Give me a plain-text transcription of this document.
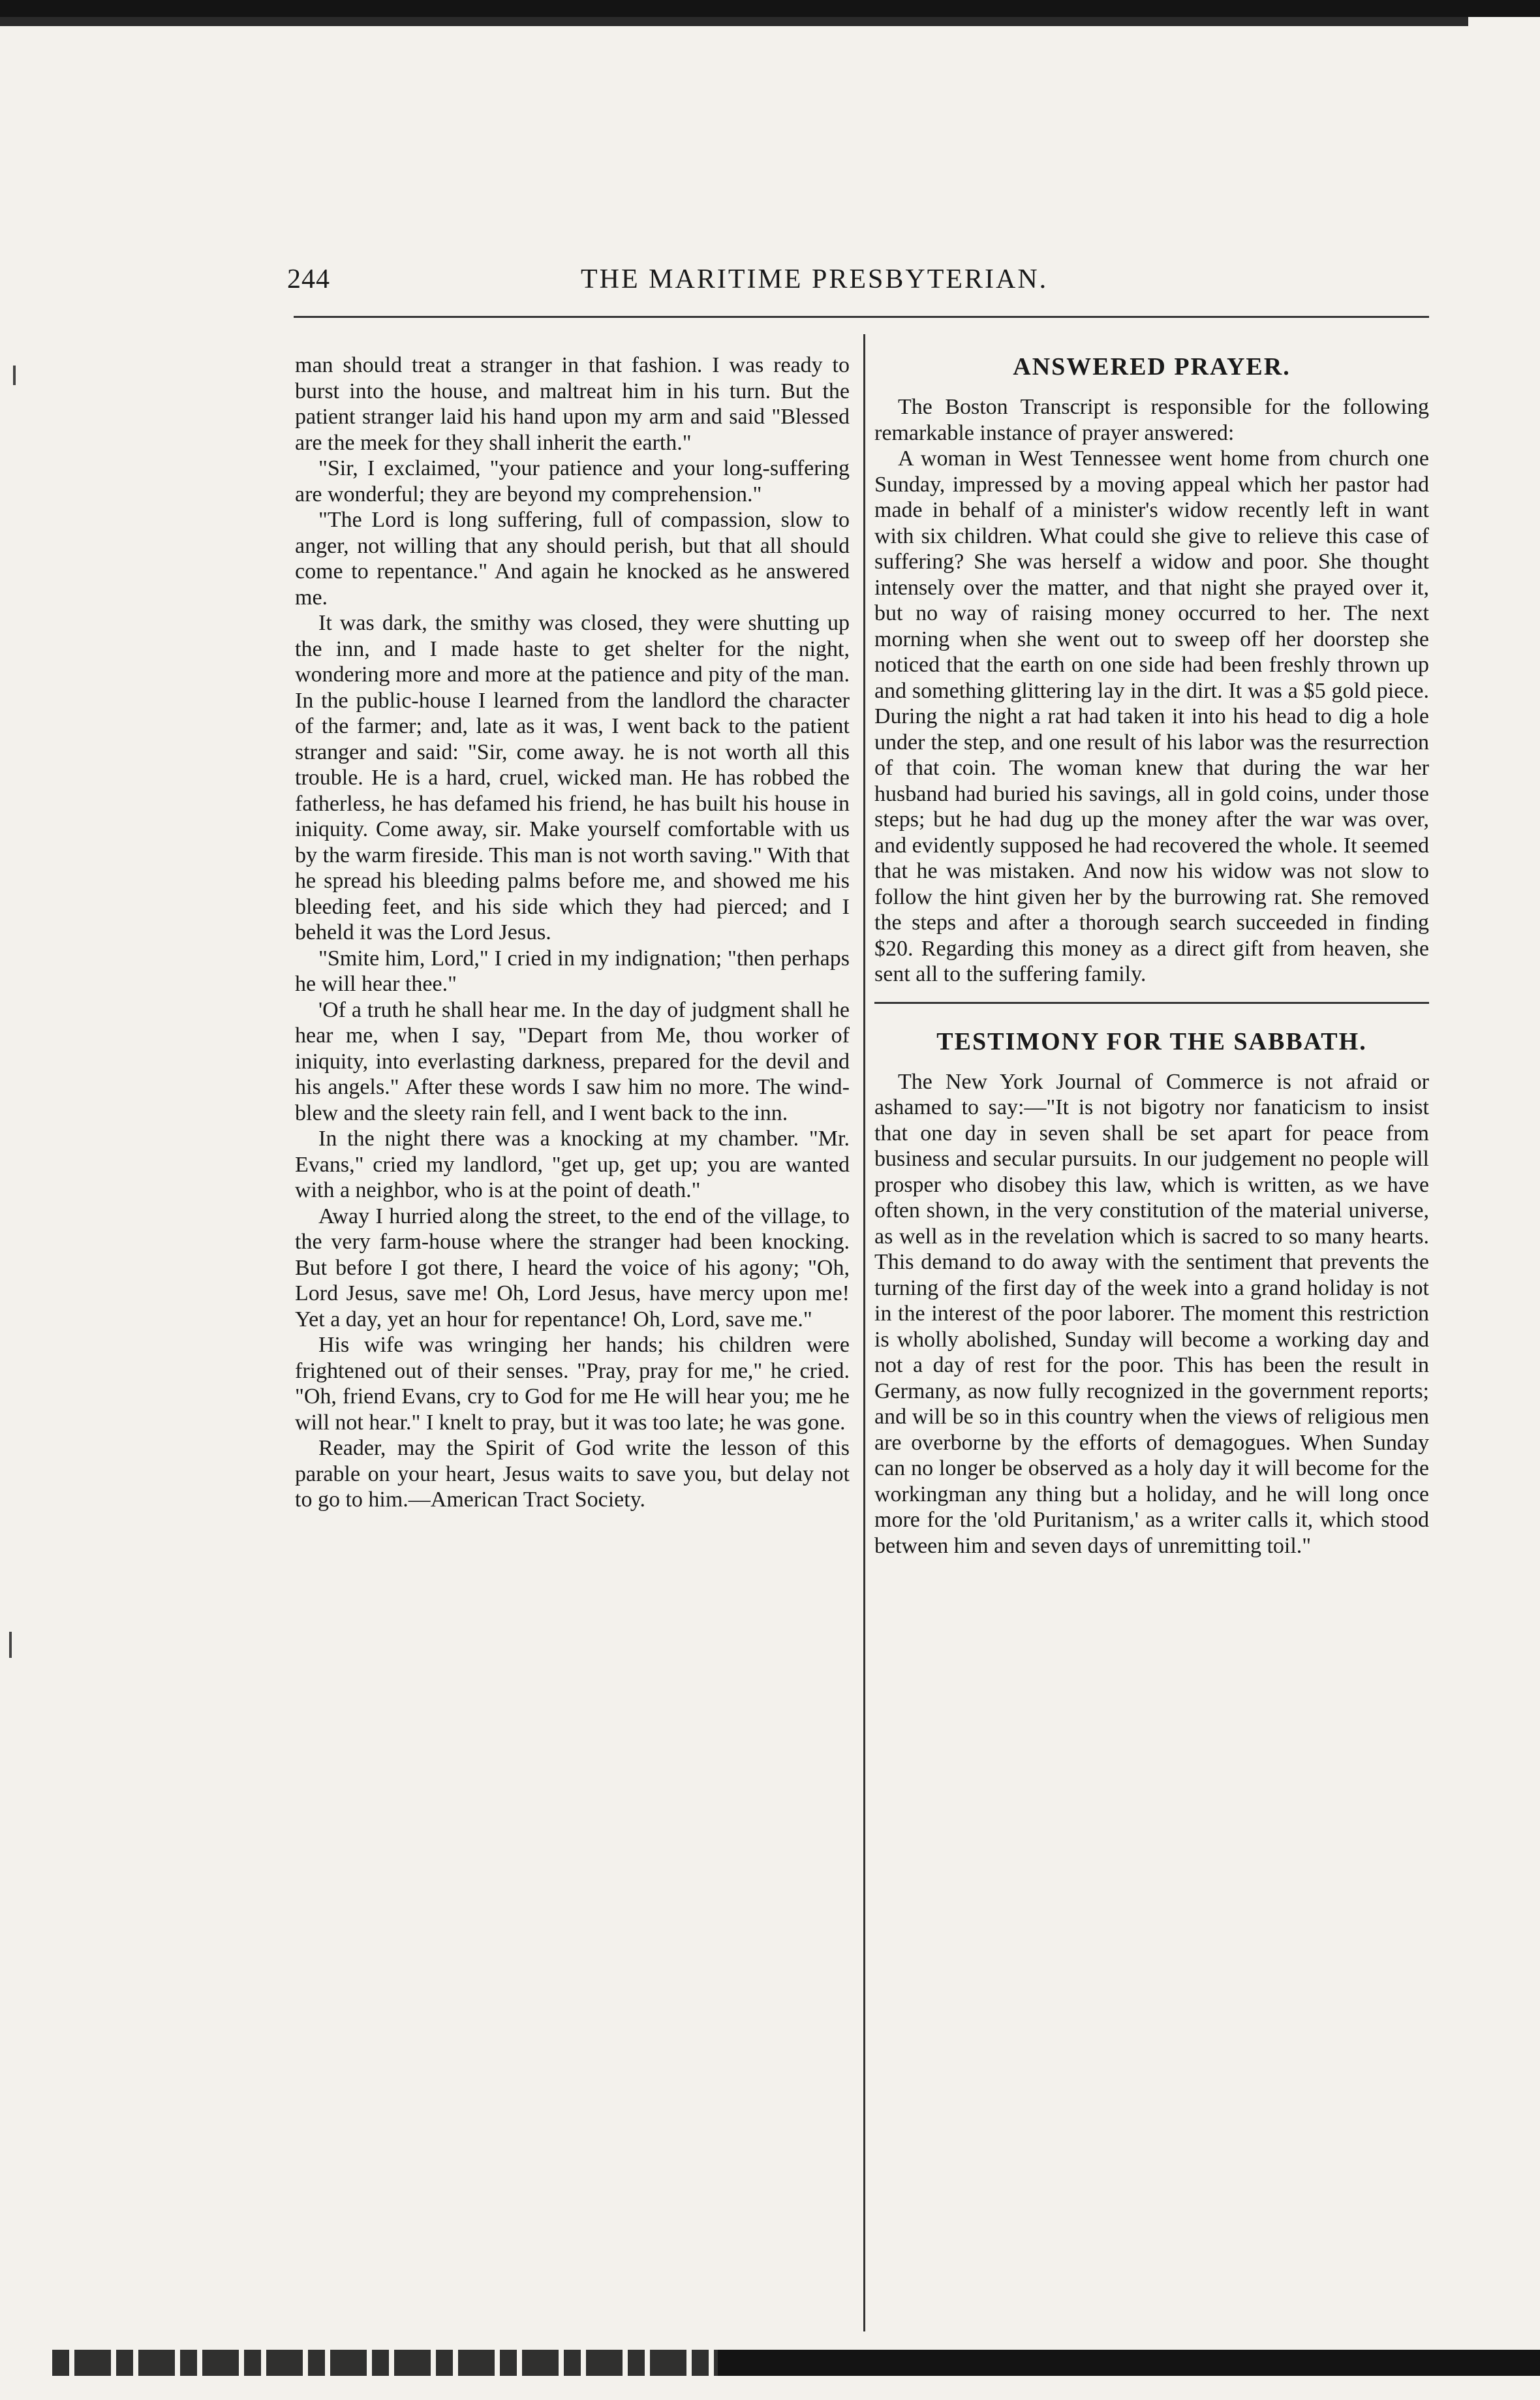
244	THE MARITIME PRESBYTERIAN.

man should treat a stranger in that fashion. I was ready to burst into the house, and maltreat him in his turn. But the patient stranger laid his hand upon my arm and said "Blessed are the meek for they shall inherit the earth."

"Sir, I exclaimed, "your patience and your long-suffering are wonderful; they are beyond my comprehension."

"The Lord is long suffering, full of compassion, slow to anger, not willing that any should perish, but that all should come to repentance." And again he knocked as he answered me.

It was dark, the smithy was closed, they were shutting up the inn, and I made haste to get shelter for the night, wondering more and more at the patience and pity of the man. In the public-house I learned from the landlord the character of the farmer; and, late as it was, I went back to the patient stranger and said: "Sir, come away. he is not worth all this trouble. He is a hard, cruel, wicked man. He has robbed the fatherless, he has defamed his friend, he has built his house in iniquity. Come away, sir. Make yourself comfortable with us by the warm fireside. This man is not worth saving." With that he spread his bleeding palms before me, and showed me his bleeding feet, and his side which they had pierced; and I beheld it was the Lord Jesus.

"Smite him, Lord," I cried in my indignation; "then perhaps he will hear thee."

'Of a truth he shall hear me. In the day of judgment shall he hear me, when I say, "Depart from Me, thou worker of iniquity, into everlasting darkness, prepared for the devil and his angels." After these words I saw him no more. The wind-blew and the sleety rain fell, and I went back to the inn.

In the night there was a knocking at my chamber. "Mr. Evans," cried my landlord, "get up, get up; you are wanted with a neighbor, who is at the point of death."

Away I hurried along the street, to the end of the village, to the very farm-house where the stranger had been knocking. But before I got there, I heard the voice of his agony; "Oh, Lord Jesus, save me! Oh, Lord Jesus, have mercy upon me! Yet a day, yet an hour for repentance! Oh, Lord, save me."

His wife was wringing her hands; his children were frightened out of their senses. "Pray, pray for me," he cried. "Oh, friend Evans, cry to God for me He will hear you; me he will not hear." I knelt to pray, but it was too late; he was gone.

Reader, may the Spirit of God write the lesson of this parable on your heart, Jesus waits to save you, but delay not to go to him.—American Tract Society.

ANSWERED PRAYER.

The Boston Transcript is responsible for the following remarkable instance of prayer answered:

A woman in West Tennessee went home from church one Sunday, impressed by a moving appeal which her pastor had made in behalf of a minister's widow recently left in want with six children. What could she give to relieve this case of suffering? She was herself a widow and poor. She thought intensely over the matter, and that night she prayed over it, but no way of raising money occurred to her. The next morning when she went out to sweep off her doorstep she noticed that the earth on one side had been freshly thrown up and something glittering lay in the dirt. It was a $5 gold piece. During the night a rat had taken it into his head to dig a hole under the step, and one result of his labor was the resurrection of that coin. The woman knew that during the war her husband had buried his savings, all in gold coins, under those steps; but he had dug up the money after the war was over, and evidently supposed he had recovered the whole. It seemed that he was mistaken. And now his widow was not slow to follow the hint given her by the burrowing rat. She removed the steps and after a thorough search succeeded in finding $20. Regarding this money as a direct gift from heaven, she sent all to the suffering family.

TESTIMONY FOR THE SABBATH.

The New York Journal of Commerce is not afraid or ashamed to say:—"It is not bigotry nor fanaticism to insist that one day in seven shall be set apart for peace from business and secular pursuits. In our judgement no people will prosper who disobey this law, which is written, as we have often shown, in the very constitution of the material universe, as well as in the revelation which is sacred to so many hearts. This demand to do away with the sentiment that prevents the turning of the first day of the week into a grand holiday is not in the interest of the poor laborer. The moment this restriction is wholly abolished, Sunday will become a working day and not a day of rest for the poor. This has been the result in Germany, as now fully recognized in the government reports; and will be so in this country when the views of religious men are overborne by the efforts of demagogues. When Sunday can no longer be observed as a holy day it will become for the workingman any thing but a holiday, and he will long once more for the 'old Puritanism,' as a writer calls it, which stood between him and seven days of unremitting toil."
